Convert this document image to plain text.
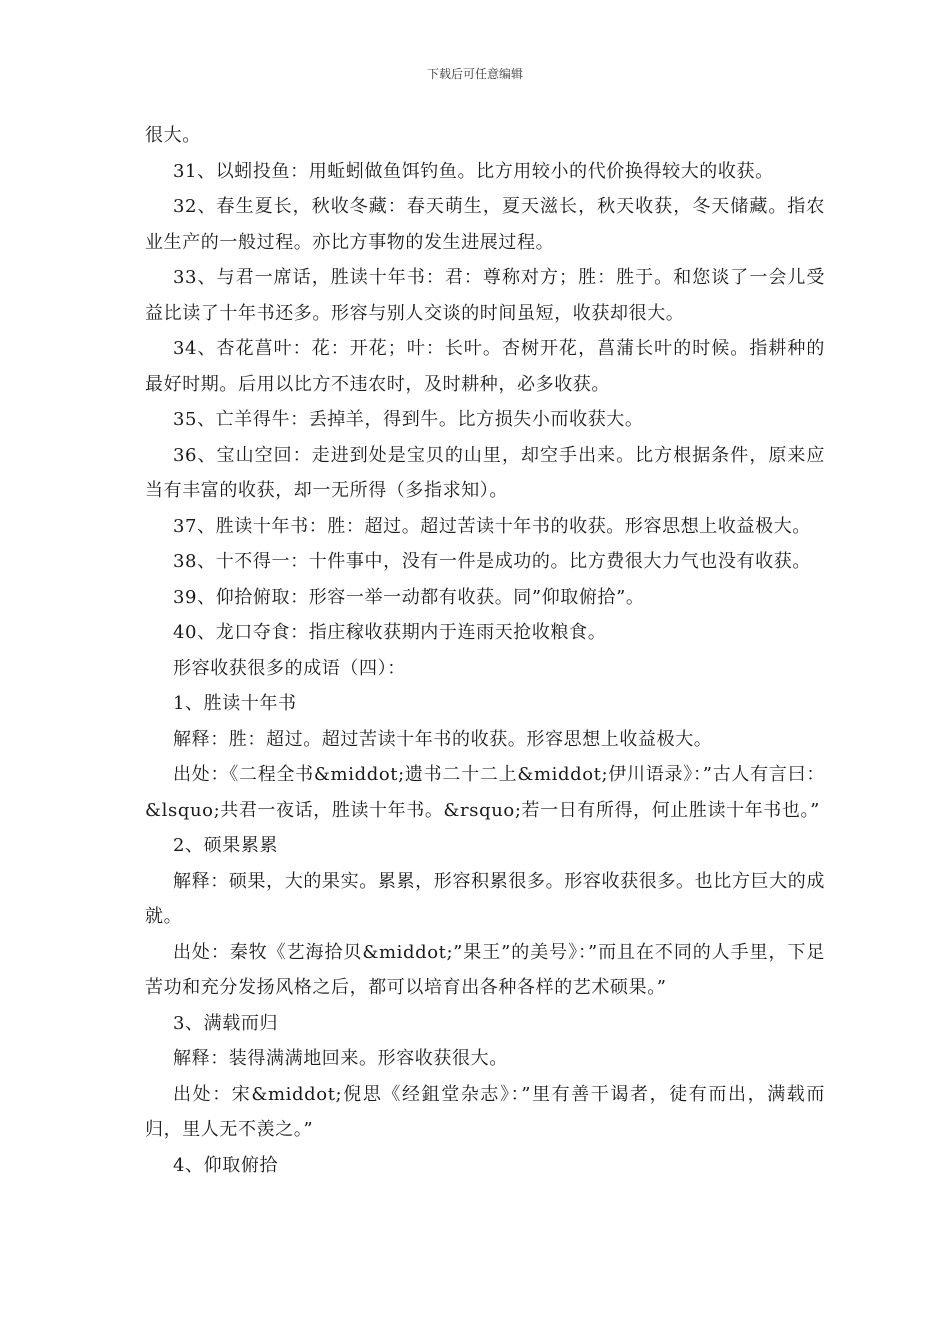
下载后可任意编辑

很大。

31、以蚓投鱼：用蚯蚓做鱼饵钓鱼。比方用较小的代价换得较大的收获。

32、春生夏长，秋收冬藏：春天萌生，夏天滋长，秋天收获，冬天储藏。指农业生产的一般过程。亦比方事物的发生进展过程。

33、与君一席话，胜读十年书：君：尊称对方；胜：胜于。和您谈了一会儿受益比读了十年书还多。形容与别人交谈的时间虽短，收获却很大。

34、杏花菖叶：花：开花；叶：长叶。杏树开花，菖蒲长叶的时候。指耕种的最好时期。后用以比方不违农时，及时耕种，必多收获。

35、亡羊得牛：丢掉羊，得到牛。比方损失小而收获大。

36、宝山空回：走进到处是宝贝的山里，却空手出来。比方根据条件，原来应当有丰富的收获，却一无所得（多指求知）。

37、胜读十年书：胜：超过。超过苦读十年书的收获。形容思想上收益极大。

38、十不得一：十件事中，没有一件是成功的。比方费很大力气也没有收获。

39、仰拾俯取：形容一举一动都有收获。同”仰取俯拾”。

40、龙口夺食：指庄稼收获期内于连雨天抢收粮食。

形容收获很多的成语（四）：

1、胜读十年书

解释：胜：超过。超过苦读十年书的收获。形容思想上收益极大。

出处：《二程全书&middot;遗书二十二上&middot;伊川语录》：”古人有言曰：&lsquo;共君一夜话，胜读十年书。&rsquo;若一日有所得，何止胜读十年书也。”

2、硕果累累

解释：硕果，大的果实。累累，形容积累很多。形容收获很多。也比方巨大的成就。

出处：秦牧《艺海拾贝&middot;”果王”的美号》：”而且在不同的人手里，下足苦功和充分发扬风格之后，都可以培育出各种各样的艺术硕果。”

3、满载而归

解释：装得满满地回来。形容收获很大。

出处：宋&middot;倪思《经鉏堂杂志》：”里有善干谒者，徒有而出，满载而归，里人无不羡之。”

4、仰取俯拾
